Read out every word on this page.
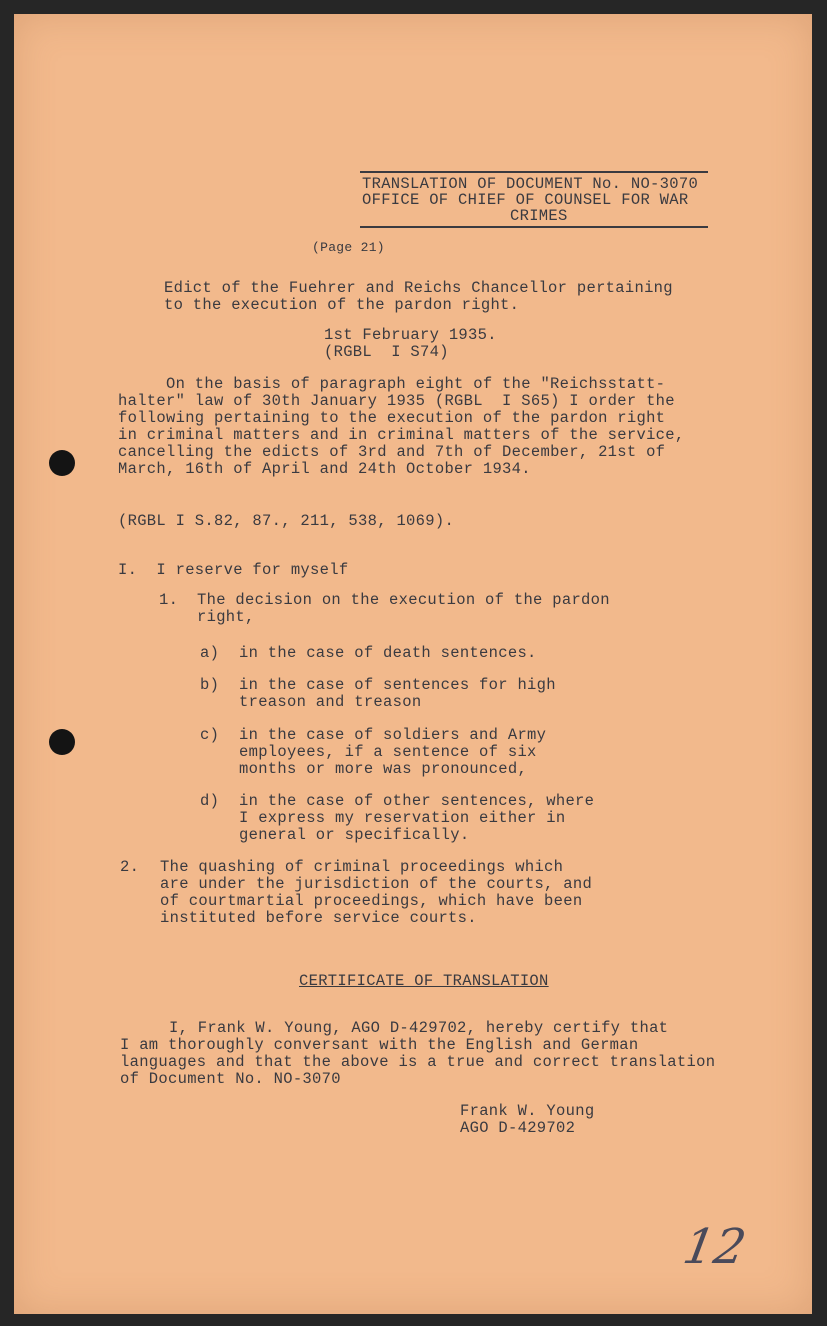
TRANSLATION OF DOCUMENT No. NO-3070
OFFICE OF CHIEF OF COUNSEL FOR WAR
CRIMES
(Page 21)
Edict of the Fuehrer and Reichs Chancellor pertaining
to the execution of the pardon right.
1st February 1935.
(RGBL  I S74)
On the basis of paragraph eight of the "Reichsstatt-
halter" law of 30th January 1935 (RGBL  I S65) I order the
following pertaining to the execution of the pardon right
in criminal matters and in criminal matters of the service,
cancelling the edicts of 3rd and 7th of December, 21st of
March, 16th of April and 24th October 1934.
(RGBL I S.82, 87., 211, 538, 1069).
I.  I reserve for myself
1. The decision on the execution of the pardon
right,
a) in the case of death sentences.
b) in the case of sentences for high
treason and treason
c) in the case of soldiers and Army
employees, if a sentence of six
months or more was pronounced,
d) in the case of other sentences, where
I express my reservation either in
general or specifically.
2. The quashing of criminal proceedings which
are under the jurisdiction of the courts, and
of courtmartial proceedings, which have been
instituted before service courts.
CERTIFICATE OF TRANSLATION
I, Frank W. Young, AGO D-429702, hereby certify that
I am thoroughly conversant with the English and German
languages and that the above is a true and correct translation
of Document No. NO-3070
Frank W. Young
AGO D-429702
12
